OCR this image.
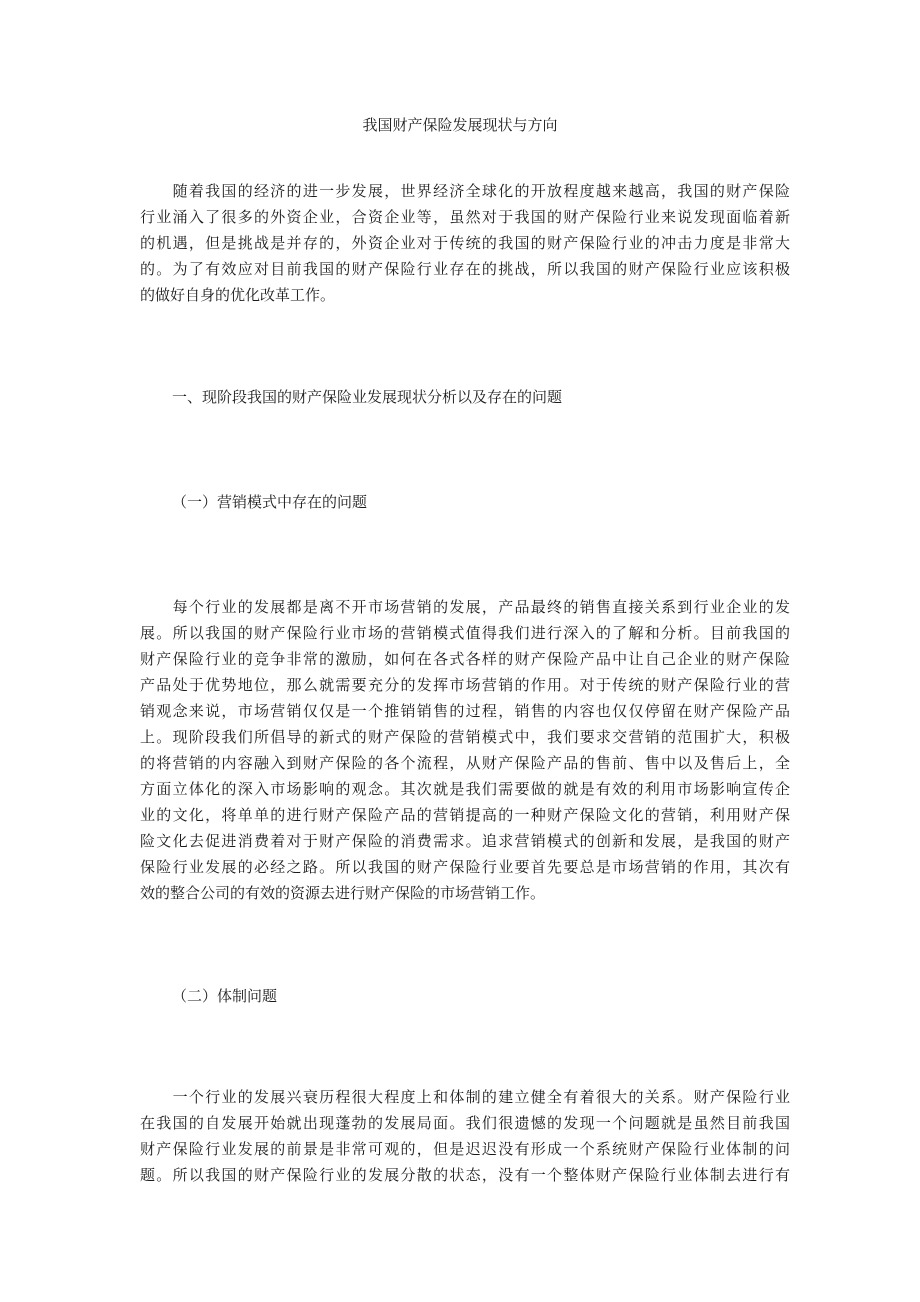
我国财产保险发展现状与方向
　　随着我国的经济的进一步发展，世界经济全球化的开放程度越来越高，我国的财产保险
行业涌入了很多的外资企业，合资企业等，虽然对于我国的财产保险行业来说发现面临着新
的机遇，但是挑战是并存的，外资企业对于传统的我国的财产保险行业的冲击力度是非常大
的。为了有效应对目前我国的财产保险行业存在的挑战，所以我国的财产保险行业应该积极
的做好自身的优化改革工作。
一、现阶段我国的财产保险业发展现状分析以及存在的问题
（一）营销模式中存在的问题
　　每个行业的发展都是离不开市场营销的发展，产品最终的销售直接关系到行业企业的发
展。所以我国的财产保险行业市场的营销模式值得我们进行深入的了解和分析。目前我国的
财产保险行业的竞争非常的激励，如何在各式各样的财产保险产品中让自己企业的财产保险
产品处于优势地位，那么就需要充分的发挥市场营销的作用。对于传统的财产保险行业的营
销观念来说，市场营销仅仅是一个推销销售的过程，销售的内容也仅仅停留在财产保险产品
上。现阶段我们所倡导的新式的财产保险的营销模式中，我们要求交营销的范围扩大，积极
的将营销的内容融入到财产保险的各个流程，从财产保险产品的售前、售中以及售后上，全
方面立体化的深入市场影响的观念。其次就是我们需要做的就是有效的利用市场影响宣传企
业的文化，将单单的进行财产保险产品的营销提高的一种财产保险文化的营销，利用财产保
险文化去促进消费着对于财产保险的消费需求。追求营销模式的创新和发展，是我国的财产
保险行业发展的必经之路。所以我国的财产保险行业要首先要总是市场营销的作用，其次有
效的整合公司的有效的资源去进行财产保险的市场营销工作。
（二）体制问题
　　一个行业的发展兴衰历程很大程度上和体制的建立健全有着很大的关系。财产保险行业
在我国的自发展开始就出现蓬勃的发展局面。我们很遗憾的发现一个问题就是虽然目前我国
财产保险行业发展的前景是非常可观的，但是迟迟没有形成一个系统财产保险行业体制的问
题。所以我国的财产保险行业的发展分散的状态，没有一个整体财产保险行业体制去进行有
